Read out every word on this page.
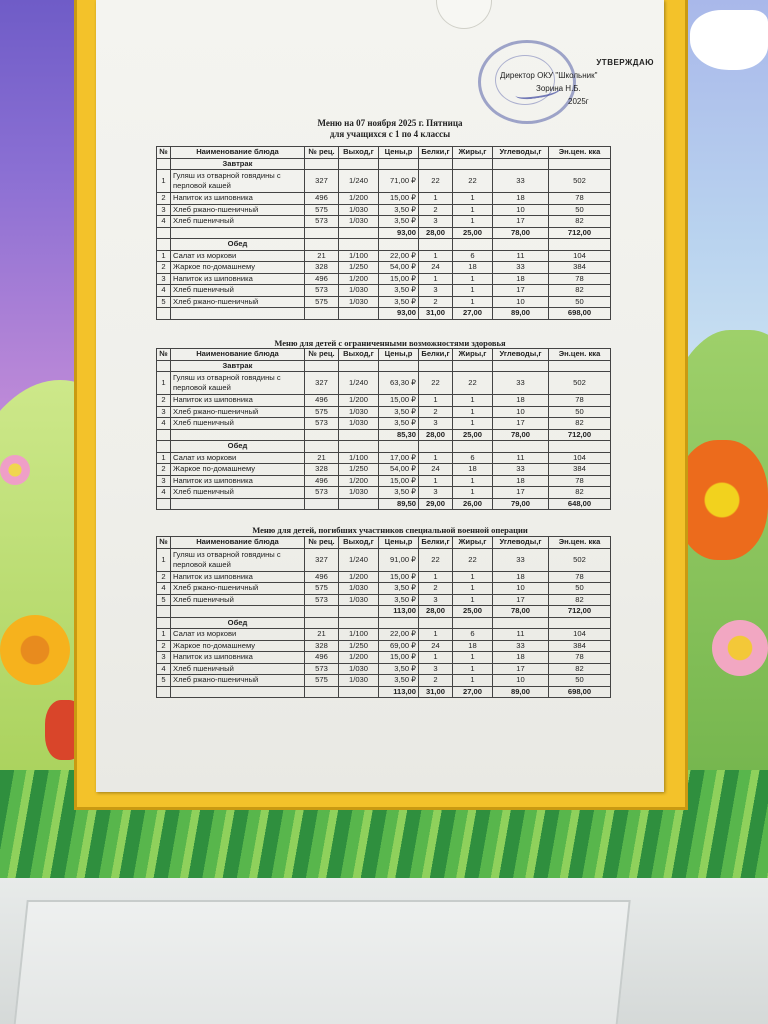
УТВЕРЖДАЮ
Директор ОКУ "Школьник"
Зорина Н.Б.
2025г
Меню на 07 ноября 2025 г. Пятница
для учащихся с 1 по 4 классы
Меню для детей с ограниченными возможностями здоровья
Меню для детей, погибших участников специальной военной операции
№	Наименование блюда	№ рец.	Выход,г	Цены,р	Белки,г	Жиры,г	Углеводы,г	Эн.цен. кка
	Завтрак							
1	Гуляш из отварной говядины с перловой кашей	327	1/240	71,00 ₽	22	22	33	502
2	Напиток из шиповника	496	1/200	15,00 ₽	1	1	18	78
3	Хлеб ржано-пшеничный	575	1/030	3,50 ₽	2	1	10	50
4	Хлеб пшеничный	573	1/030	3,50 ₽	3	1	17	82
				93,00	28,00	25,00	78,00	712,00
	Обед							
1	Салат из моркови	21	1/100	22,00 ₽	1	6	11	104
2	Жаркое по-домашнему	328	1/250	54,00 ₽	24	18	33	384
3	Напиток из шиповника	496	1/200	15,00 ₽	1	1	18	78
4	Хлеб пшеничный	573	1/030	3,50 ₽	3	1	17	82
5	Хлеб ржано-пшеничный	575	1/030	3,50 ₽	2	1	10	50
				93,00	31,00	27,00	89,00	698,00
№	Наименование блюда	№ рец.	Выход,г	Цены,р	Белки,г	Жиры,г	Углеводы,г	Эн.цен. кка
	Завтрак							
1	Гуляш из отварной говядины с перловой кашей	327	1/240	63,30 ₽	22	22	33	502
2	Напиток из шиповника	496	1/200	15,00 ₽	1	1	18	78
3	Хлеб ржано-пшеничный	575	1/030	3,50 ₽	2	1	10	50
4	Хлеб пшеничный	573	1/030	3,50 ₽	3	1	17	82
				85,30	28,00	25,00	78,00	712,00
	Обед							
1	Салат из моркови	21	1/100	17,00 ₽	1	6	11	104
2	Жаркое по-домашнему	328	1/250	54,00 ₽	24	18	33	384
3	Напиток из шиповника	496	1/200	15,00 ₽	1	1	18	78
4	Хлеб пшеничный	573	1/030	3,50 ₽	3	1	17	82
				89,50	29,00	26,00	79,00	648,00
№	Наименование блюда	№ рец.	Выход,г	Цены,р	Белки,г	Жиры,г	Углеводы,г	Эн.цен. кка
1	Гуляш из отварной говядины с перловой кашей	327	1/240	91,00 ₽	22	22	33	502
2	Напиток из шиповника	496	1/200	15,00 ₽	1	1	18	78
4	Хлеб ржано-пшеничный	575	1/030	3,50 ₽	2	1	10	50
5	Хлеб пшеничный	573	1/030	3,50 ₽	3	1	17	82
				113,00	28,00	25,00	78,00	712,00
	Обед							
1	Салат из моркови	21	1/100	22,00 ₽	1	6	11	104
2	Жаркое по-домашнему	328	1/250	69,00 ₽	24	18	33	384
3	Напиток из шиповника	496	1/200	15,00 ₽	1	1	18	78
4	Хлеб пшеничный	573	1/030	3,50 ₽	3	1	17	82
5	Хлеб ржано-пшеничный	575	1/030	3,50 ₽	2	1	10	50
				113,00	31,00	27,00	89,00	698,00
